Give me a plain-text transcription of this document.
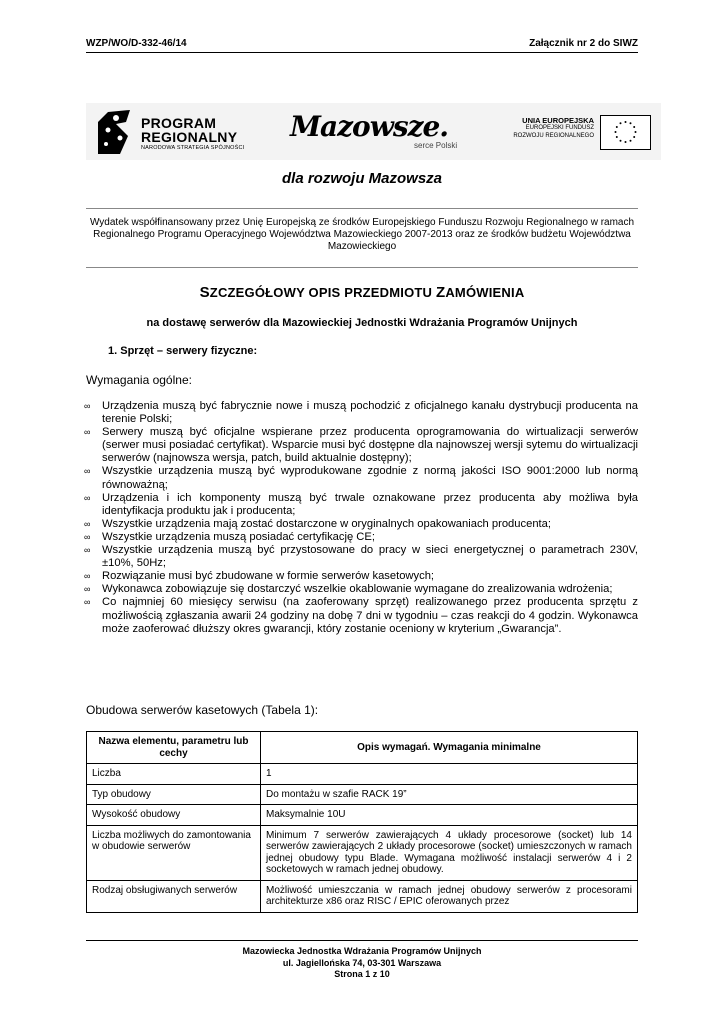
WZP/WO/D-332-46/14	Załącznik nr 2 do SIWZ
PROGRAM
REGIONALNY
NARODOWA STRATEGIA SPÓJNOŚCI
Mazowsze.
serce Polski
UNIA EUROPEJSKA
EUROPEJSKI FUNDUSZ
ROZWOJU REGIONALNEGO
dla rozwoju Mazowsza
Wydatek współfinansowany przez Unię Europejską ze środków Europejskiego Funduszu Rozwoju Regionalnego w ramach Regionalnego Programu Operacyjnego Województwa Mazowieckiego 2007-2013 oraz ze środków budżetu Województwa Mazowieckiego
SZCZEGÓŁOWY OPIS PRZEDMIOTU ZAMÓWIENIA
na dostawę serwerów dla Mazowieckiej Jednostki Wdrażania Programów Unijnych
1. Sprzęt – serwery fizyczne:
Wymagania ogólne:
∞ Urządzenia muszą być fabrycznie nowe i muszą pochodzić z oficjalnego kanału dystrybucji producenta na terenie Polski;
∞ Serwery muszą być oficjalne wspierane przez producenta oprogramowania do wirtualizacji serwerów (serwer musi posiadać certyfikat). Wsparcie musi być dostępne dla najnowszej wersji sytemu do wirtualizacji serwerów (najnowsza wersja, patch, build aktualnie dostępny);
∞ Wszystkie urządzenia muszą być wyprodukowane zgodnie z normą jakości ISO 9001:2000 lub normą równoważną;
∞ Urządzenia i ich komponenty muszą być trwale oznakowane przez producenta aby możliwa była identyfikacja produktu jak i producenta;
∞ Wszystkie urządzenia mają zostać dostarczone w oryginalnych opakowaniach producenta;
∞ Wszystkie urządzenia muszą posiadać certyfikację CE;
∞ Wszystkie urządzenia muszą być przystosowane do pracy w sieci energetycznej o parametrach 230V, ±10%, 50Hz;
∞ Rozwiązanie musi być zbudowane w formie serwerów kasetowych;
∞ Wykonawca zobowiązuje się dostarczyć wszelkie okablowanie wymagane do zrealizowania wdrożenia;
∞ Co najmniej 60 miesięcy serwisu (na zaoferowany sprzęt) realizowanego przez producenta sprzętu z możliwością zgłaszania awarii 24 godziny na dobę 7 dni w tygodniu – czas reakcji do 4 godzin. Wykonawca może zaoferować dłuższy okres gwarancji, który zostanie oceniony w kryterium „Gwarancja”.
Obudowa serwerów kasetowych (Tabela 1):
Nazwa elementu, parametru lub cechy	Opis wymagań. Wymagania minimalne
Liczba	1
Typ obudowy	Do montażu w szafie RACK 19”
Wysokość obudowy	Maksymalnie 10U
Liczba możliwych do zamontowania w obudowie serwerów	Minimum 7 serwerów zawierających 4 układy procesorowe (socket) lub 14 serwerów zawierających 2 układy procesorowe (socket) umieszczonych w ramach jednej obudowy typu Blade. Wymagana możliwość instalacji serwerów 4 i 2 socketowych w ramach jednej obudowy.
Rodzaj obsługiwanych serwerów	Możliwość umieszczania w ramach jednej obudowy serwerów z procesorami architekturze x86 oraz RISC / EPIC oferowanych przez
Mazowiecka Jednostka Wdrażania Programów Unijnych
ul. Jagiellońska 74, 03-301 Warszawa
Strona 1 z 10
